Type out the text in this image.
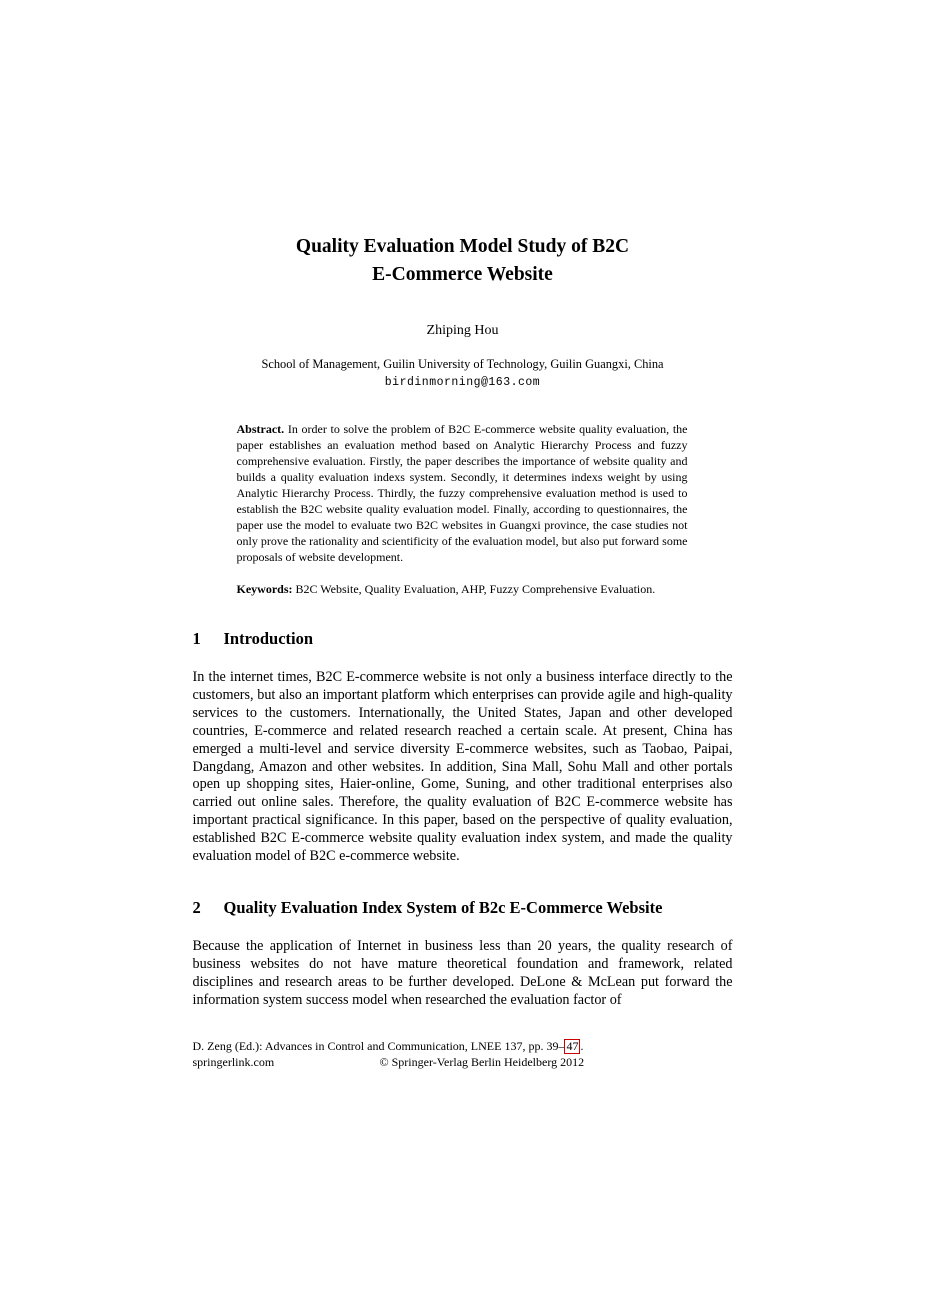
Quality Evaluation Model Study of B2C
E-Commerce Website
Zhiping Hou
School of Management, Guilin University of Technology, Guilin Guangxi, China
birdinmorning@163.com

Abstract. In order to solve the problem of B2C E-commerce website quality evaluation, the paper establishes an evaluation method based on Analytic Hierarchy Process and fuzzy comprehensive evaluation. Firstly, the paper describes the importance of website quality and builds a quality evaluation indexs system. Secondly, it determines indexs weight by using Analytic Hierarchy Process. Thirdly, the fuzzy comprehensive evaluation method is used to establish the B2C website quality evaluation model. Finally, according to questionnaires, the paper use the model to evaluate two B2C websites in Guangxi province, the case studies not only prove the rationality and scientificity of the evaluation model, but also put forward some proposals of website development.

Keywords: B2C Website, Quality Evaluation, AHP, Fuzzy Comprehensive Evaluation.

1 Introduction

In the internet times, B2C E-commerce website is not only a business interface directly to the customers, but also an important platform which enterprises can provide agile and high-quality services to the customers. Internationally, the United States, Japan and other developed countries, E-commerce and related research reached a certain scale. At present, China has emerged a multi-level and service diversity E-commerce websites, such as Taobao, Paipai, Dangdang, Amazon and other websites. In addition, Sina Mall, Sohu Mall and other portals open up shopping sites, Haier-online, Gome, Suning, and other traditional enterprises also carried out online sales. Therefore, the quality evaluation of B2C E-commerce website has important practical significance. In this paper, based on the perspective of quality evaluation, established B2C E-commerce website quality evaluation index system, and made the quality evaluation model of B2C e-commerce website.

2 Quality Evaluation Index System of B2c E-Commerce Website

Because the application of Internet in business less than 20 years, the quality research of business websites do not have mature theoretical foundation and framework, related disciplines and research areas to be further developed. DeLone & McLean put forward the information system success model when researched the evaluation factor of

D. Zeng (Ed.): Advances in Control and Communication, LNEE 137, pp. 39– 47 .
springerlink.com	© Springer-Verlag Berlin Heidelberg 2012
